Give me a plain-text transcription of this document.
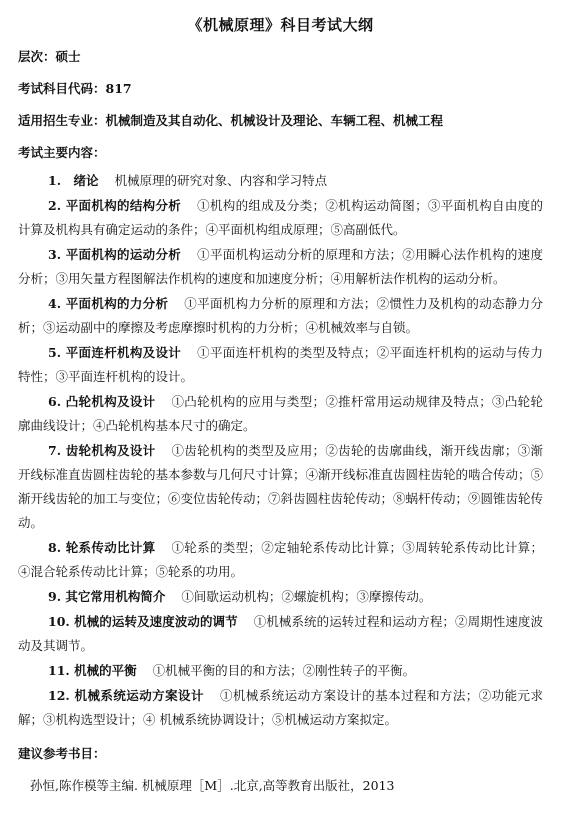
《机械原理》科目考试大纲
层次：硕士
考试科目代码：817
适用招生专业：机械制造及其自动化、机械设计及理论、车辆工程、机械工程
考试主要内容：

1.　绪论 机械原理的研究对象、内容和学习特点

2. 平面机构的结构分析 ①机构的组成及分类；②机构运动简图；③平面机构自由度的计算及机构具有确定运动的条件；④平面机构组成原理；⑤高副低代。

3. 平面机构的运动分析 ①平面机构运动分析的原理和方法；②用瞬心法作机构的速度分析；③用矢量方程图解法作机构的速度和加速度分析；④用解析法作机构的运动分析。

4. 平面机构的力分析 ①平面机构力分析的原理和方法；②惯性力及机构的动态静力分析；③运动副中的摩擦及考虑摩擦时机构的力分析；④机械效率与自锁。

5. 平面连杆机构及设计 ①平面连杆机构的类型及特点；②平面连杆机构的运动与传力特性；③平面连杆机构的设计。

6. 凸轮机构及设计 ①凸轮机构的应用与类型；②推杆常用运动规律及特点；③凸轮轮廓曲线设计；④凸轮机构基本尺寸的确定。

7. 齿轮机构及设计 ①齿轮机构的类型及应用；②齿轮的齿廓曲线，渐开线齿廓；③渐开线标准直齿圆柱齿轮的基本参数与几何尺寸计算；④渐开线标准直齿圆柱齿轮的啮合传动；⑤渐开线齿轮的加工与变位；⑥变位齿轮传动；⑦斜齿圆柱齿轮传动；⑧蜗杆传动；⑨圆锥齿轮传动。

8. 轮系传动比计算 ①轮系的类型；②定轴轮系传动比计算；③周转轮系传动比计算；④混合轮系传动比计算；⑤轮系的功用。

9. 其它常用机构简介 ①间歇运动机构；②螺旋机构；③摩擦传动。

10. 机械的运转及速度波动的调节 ①机械系统的运转过程和运动方程；②周期性速度波动及其调节。

11. 机械的平衡 ①机械平衡的目的和方法；②刚性转子的平衡。

12. 机械系统运动方案设计 ①机械系统运动方案设计的基本过程和方法；②功能元求解；③机构选型设计；④ 机械系统协调设计；⑤机械运动方案拟定。

建议参考书目：
孙恒,陈作模等主编. 机械原理［M］.北京,高等教育出版社，2013
